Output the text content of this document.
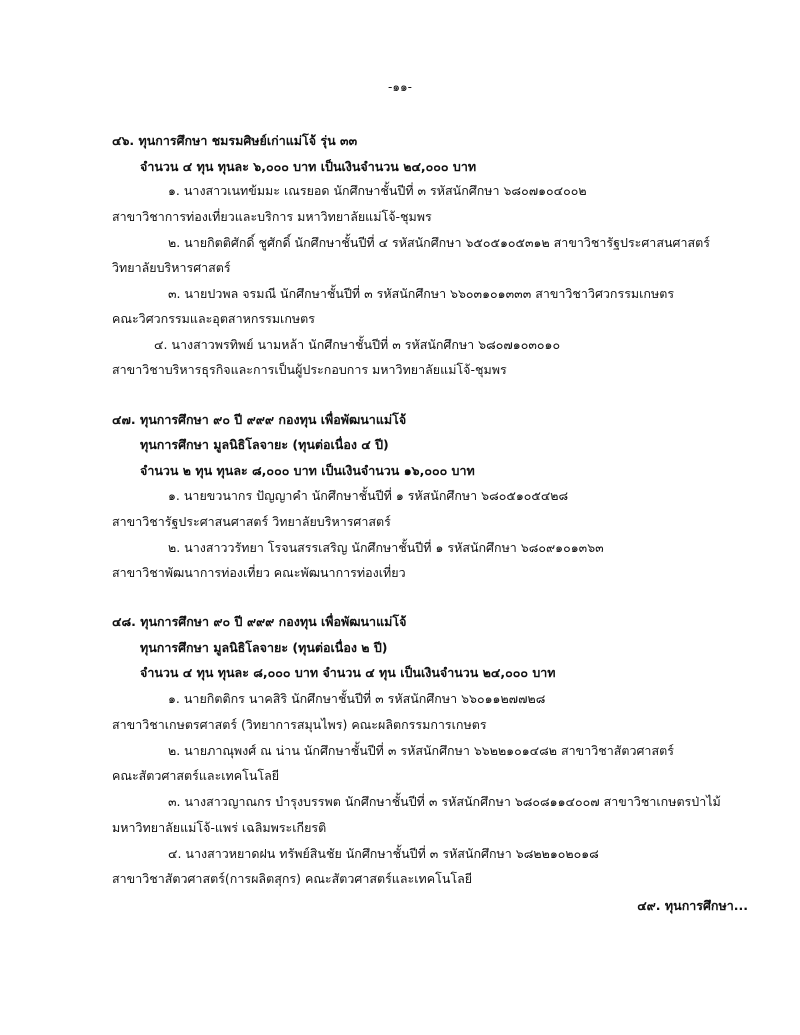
-๑๑-
๔๖. ทุนการศึกษา ชมรมศิษย์เก่าแม่โจ้ รุ่น ๓๓
จำนวน ๔ ทุน ทุนละ ๖,๐๐๐ บาท เป็นเงินจำนวน ๒๔,๐๐๐ บาท
๑. นางสาวเนทข้มมะ เณรยอด นักศึกษาชั้นปีที่ ๓ รหัสนักศึกษา ๖๘๐๗๑๐๔๐๐๒
สาขาวิชาการท่องเที่ยวและบริการ มหาวิทยาลัยแม่โจ้-ชุมพร
๒. นายกิตติศักดิ์ ชูศักดิ์ นักศึกษาชั้นปีที่ ๔ รหัสนักศึกษา ๖๕๐๕๑๐๕๓๑๒ สาขาวิชารัฐประศาสนศาสตร์
วิทยาลัยบริหารศาสตร์
๓. นายปวพล จรมณี นักศึกษาชั้นปีที่ ๓ รหัสนักศึกษา ๖๖๐๓๑๐๑๓๓๓ สาขาวิชาวิศวกรรมเกษตร
คณะวิศวกรรมและอุตสาหกรรมเกษตร
๔. นางสาวพรทิพย์ นามหล้า นักศึกษาชั้นปีที่ ๓ รหัสนักศึกษา ๖๘๐๗๑๐๓๐๑๐
สาขาวิชาบริหารธุรกิจและการเป็นผู้ประกอบการ มหาวิทยาลัยแม่โจ้-ชุมพร
๔๗. ทุนการศึกษา ๙๐ ปี ๙๙๙ กองทุน เพื่อพัฒนาแม่โจ้
ทุนการศึกษา มูลนิธิโลจายะ (ทุนต่อเนื่อง ๔ ปี)
จำนวน ๒ ทุน ทุนละ ๘,๐๐๐ บาท เป็นเงินจำนวน ๑๖,๐๐๐ บาท
๑. นายขวนากร ปัญญาคำ นักศึกษาชั้นปีที่ ๑ รหัสนักศึกษา ๖๘๐๕๑๐๕๔๒๘
สาขาวิชารัฐประศาสนศาสตร์ วิทยาลัยบริหารศาสตร์
๒. นางสาววรัทยา โรจนสรรเสริญ นักศึกษาชั้นปีที่ ๑ รหัสนักศึกษา ๖๘๐๙๑๐๑๓๖๓
สาขาวิชาพัฒนาการท่องเที่ยว คณะพัฒนาการท่องเที่ยว
๔๘. ทุนการศึกษา ๙๐ ปี ๙๙๙ กองทุน เพื่อพัฒนาแม่โจ้
ทุนการศึกษา มูลนิธิโลจายะ (ทุนต่อเนื่อง ๒ ปี)
จำนวน ๔ ทุน ทุนละ ๘,๐๐๐ บาท จำนวน ๔ ทุน เป็นเงินจำนวน ๒๔,๐๐๐ บาท
๑. นายกิตติกร นาคสิริ นักศึกษาชั้นปีที่ ๓ รหัสนักศึกษา ๖๖๐๑๑๒๗๗๒๘
สาขาวิชาเกษตรศาสตร์ (วิทยาการสมุนไพร) คณะผลิตกรรมการเกษตร
๒. นายภาณุพงศ์ ณ น่าน นักศึกษาชั้นปีที่ ๓ รหัสนักศึกษา ๖๖๒๒๑๐๑๔๘๒ สาขาวิชาสัตวศาสตร์
คณะสัตวศาสตร์และเทคโนโลยี
๓. นางสาวญาณกร บำรุงบรรพต นักศึกษาชั้นปีที่ ๓ รหัสนักศึกษา ๖๘๐๘๑๑๔๐๐๗ สาขาวิชาเกษตรป่าไม้
มหาวิทยาลัยแม่โจ้-แพร่ เฉลิมพระเกียรติ
๔. นางสาวหยาดฝน ทรัพย์สินชัย นักศึกษาชั้นปีที่ ๓ รหัสนักศึกษา ๖๘๒๒๑๐๒๐๑๘
สาขาวิชาสัตวศาสตร์(การผลิตสุกร) คณะสัตวศาสตร์และเทคโนโลยี
๔๙. ทุนการศึกษา...
